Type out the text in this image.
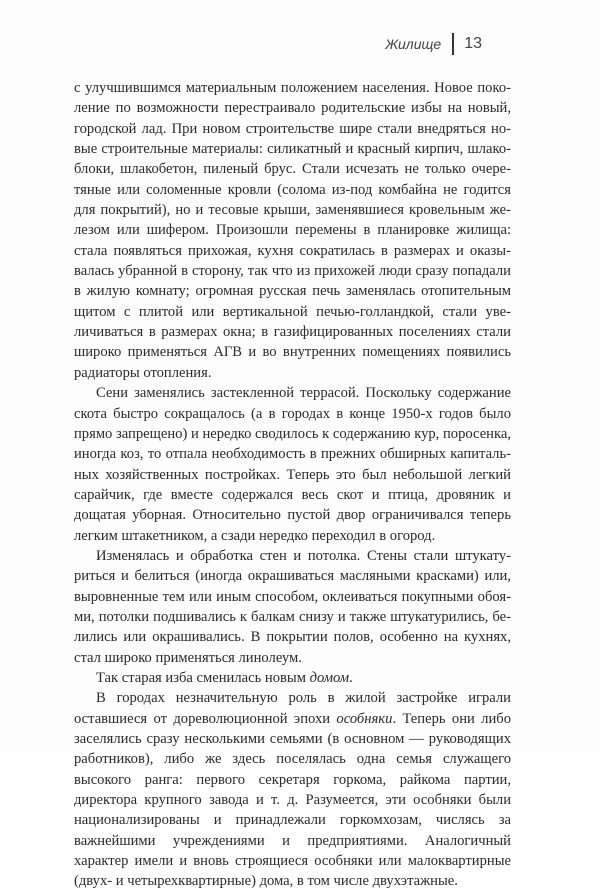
Жилище 13

с улучшившимся материальным положением населения. Новое поколение по возможности перестраивало родительские избы на новый, городской лад. При новом строительстве шире стали внедряться новые строительные материалы: силикатный и красный кирпич, шлакоблоки, шлакобетон, пиленый брус. Стали исчезать не только очеретяные или соломенные кровли (солома из-под комбайна не годится для покрытий), но и тесовые крыши, заменявшиеся кровельным железом или шифером. Произошли перемены в планировке жилища: стала появляться прихожая, кухня сократилась в размерах и оказывалась убранной в сторону, так что из прихожей люди сразу попадали в жилую комнату; огромная русская печь заменялась отопительным щитом с плитой или вертикальной печью-голландкой, стали увеличиваться в размерах окна; в газифицированных поселениях стали широко применяться АГВ и во внутренних помещениях появились радиаторы отопления.

Сени заменялись застекленной террасой. Поскольку содержание скота быстро сокращалось (а в городах в конце 1950-х годов было прямо запрещено) и нередко сводилось к содержанию кур, поросенка, иногда коз, то отпала необходимость в прежних обширных капитальных хозяйственных постройках. Теперь это был небольшой легкий сарайчик, где вместе содержался весь скот и птица, дровяник и дощатая уборная. Относительно пустой двор ограничивался теперь легким штакетником, а сзади нередко переходил в огород.

Изменялась и обработка стен и потолка. Стены стали штукатуриться и белиться (иногда окрашиваться масляными красками) или, выровненные тем или иным способом, оклеиваться покупными обоями, потолки подшивались к балкам снизу и также штукатурились, белились или окрашивались. В покрытии полов, особенно на кухнях, стал широко применяться линолеум.

Так старая изба сменилась новым домом.

В городах незначительную роль в жилой застройке играли оставшиеся от дореволюционной эпохи особняки. Теперь они либо заселялись сразу несколькими семьями (в основном — руководящих работников), либо же здесь поселялась одна семья служащего высокого ранга: первого секретаря горкома, райкома партии, директора крупного завода и т. д. Разумеется, эти особняки были национализированы и принадлежали горкомхозам, числясь за важнейшими учреждениями и предприятиями. Аналогичный характер имели и вновь строящиеся особняки или малоквартирные (двух- и четырехквартирные) дома, в том числе двухэтажные.
